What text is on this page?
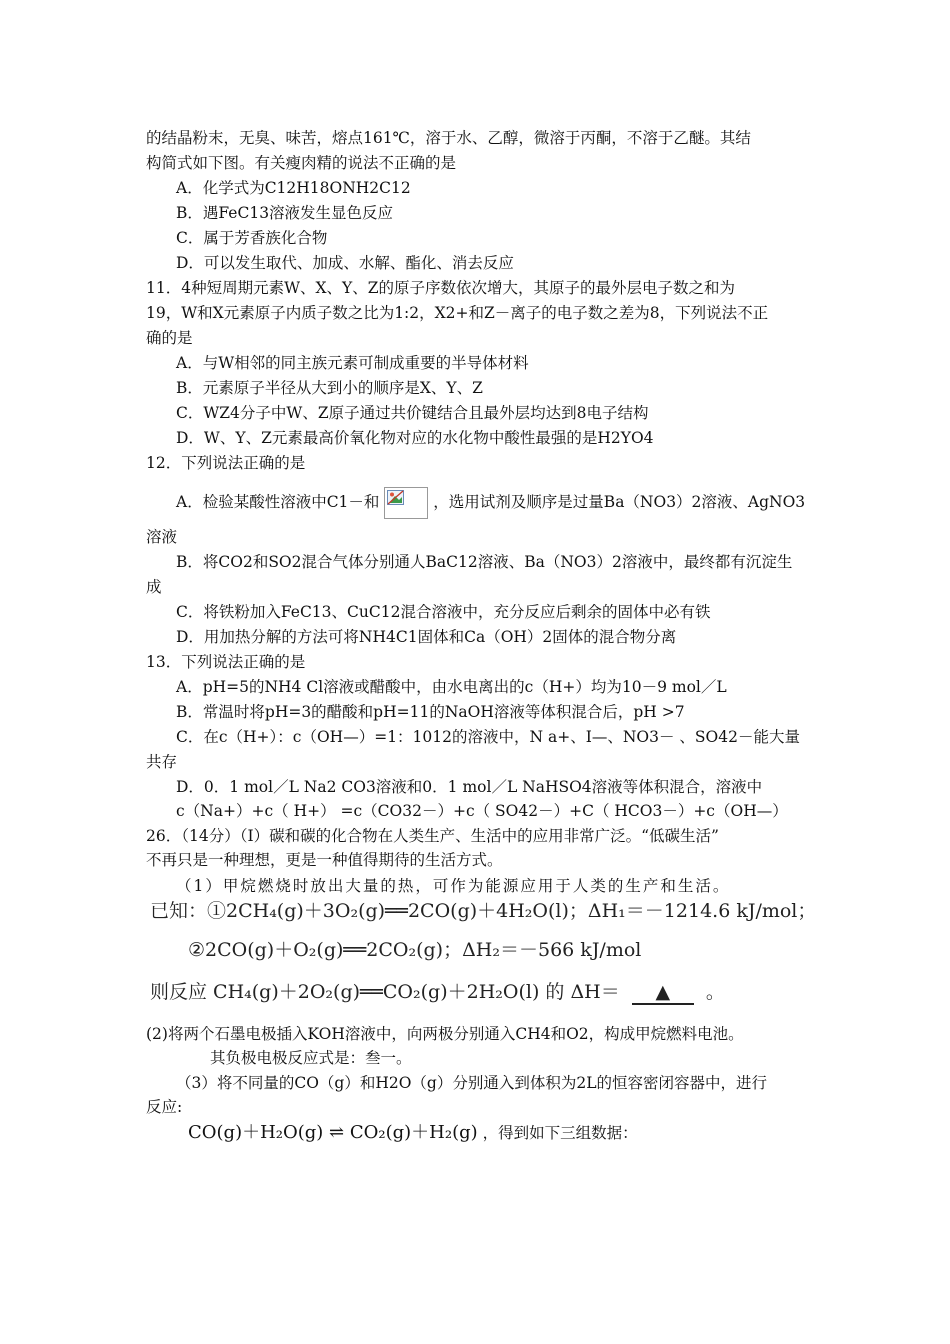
的结晶粉末，无臭、味苦，熔点161℃，溶于水、乙醇，微溶于丙酮，不溶于乙醚。其结
构简式如下图。有关瘦肉精的说法不正确的是
A．化学式为C12H18ONH2C12
B．遇FeC13溶液发生显色反应
C．属于芳香族化合物
D．可以发生取代、加成、水解、酯化、消去反应
11．4种短周期元素W、X、Y、Z的原子序数依次增大，其原子的最外层电子数之和为
19，W和X元素原子内质子数之比为1:2，X2+和Z－离子的电子数之差为8，下列说法不正
确的是
A．与W相邻的同主族元素可制成重要的半导体材料
B．元素原子半径从大到小的顺序是X、Y、Z
C．WZ4分子中W、Z原子通过共价键结合且最外层均达到8电子结构
D．W、Y、Z元素最高价氧化物对应的水化物中酸性最强的是H2YO4
12．下列说法正确的是
A．检验某酸性溶液中C1－和	，选用试剂及顺序是过量Ba（NO3）2溶液、AgNO3
溶液
B．将CO2和SO2混合气体分别通人BaC12溶液、Ba（NO3）2溶液中，最终都有沉淀生
成
C．将铁粉加入FeC13、CuC12混合溶液中，充分反应后剩余的固体中必有铁
D．用加热分解的方法可将NH4C1固体和Ca（OH）2固体的混合物分离
13．下列说法正确的是
A．pH=5的NH4 Cl溶液或醋酸中，由水电离出的c（H+）均为10－9 mol／L
B．常温时将pH=3的醋酸和pH=11的NaOH溶液等体积混合后，pH >7
C．在c（H+）：c（OH—）=1：1012的溶液中，N a+、I—、NO3－ 、SO42－能大量
共存
D．0．1 mol／L Na2 CO3溶液和0．1 mol／L NaHSO4溶液等体积混合，溶液中
c（Na+）+c（ H+） =c（CO32－）+c（ SO42－）+C（ HCO3－）+c（OH—）
26．（14分）（Ⅰ）碳和碳的化合物在人类生产、生活中的应用非常广泛。“低碳生活”
不再只是一种理想，更是一种值得期待的生活方式。
（1）甲烷燃烧时放出大量的热，可作为能源应用于人类的生产和生活。
已知：①2CH₄(g)＋3O₂(g)══2CO(g)＋4H₂O(l)；ΔH₁＝－1214.6 kJ/mol；
②2CO(g)＋O₂(g)══2CO₂(g)；ΔH₂＝－566 kJ/mol
则反应 CH₄(g)＋2O₂(g)══CO₂(g)＋2H₂O(l) 的 ΔH＝ ▲ 。
(2)将两个石墨电极插入KOH溶液中，向两极分别通入CH4和O2，构成甲烷燃料电池。
其负极电极反应式是：叁一。
（3）将不同量的CO（g）和H2O（g）分别通入到体积为2L的恒容密闭容器中，进行
反应:
CO(g)＋H₂O(g) ⇌ CO₂(g)＋H₂(g) ，得到如下三组数据：
